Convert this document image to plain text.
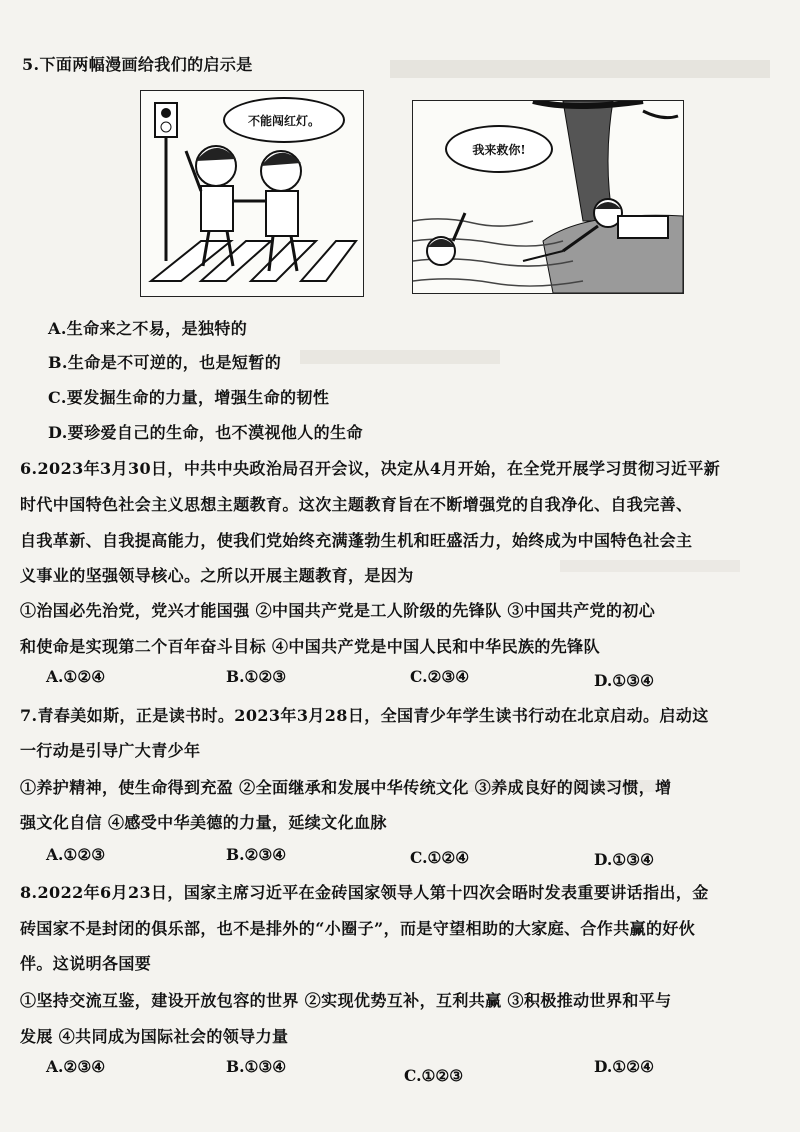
5.下面两幅漫画给我们的启示是
不能闯红灯。
我来救你!
A.生命来之不易，是独特的
B.生命是不可逆的，也是短暂的
C.要发掘生命的力量，增强生命的韧性
D.要珍爱自己的生命，也不漠视他人的生命
6.2023年3月30日，中共中央政治局召开会议，决定从4月开始，在全党开展学习贯彻习近平新
时代中国特色社会主义思想主题教育。这次主题教育旨在不断增强党的自我净化、自我完善、
自我革新、自我提高能力，使我们党始终充满蓬勃生机和旺盛活力，始终成为中国特色社会主
义事业的坚强领导核心。之所以开展主题教育，是因为
①治国必先治党，党兴才能国强 ②中国共产党是工人阶级的先锋队 ③中国共产党的初心
和使命是实现第二个百年奋斗目标 ④中国共产党是中国人民和中华民族的先锋队
A.①②④	B.①②③	C.②③④	D.①③④
7.青春美如斯，正是读书时。2023年3月28日，全国青少年学生读书行动在北京启动。启动这
一行动是引导广大青少年
①养护精神，使生命得到充盈 ②全面继承和发展中华传统文化 ③养成良好的阅读习惯，增
强文化自信 ④感受中华美德的力量，延续文化血脉
A.①②③	B.②③④	C.①②④	D.①③④
8.2022年6月23日，国家主席习近平在金砖国家领导人第十四次会晤时发表重要讲话指出，金
砖国家不是封闭的俱乐部，也不是排外的“小圈子”，而是守望相助的大家庭、合作共赢的好伙
伴。这说明各国要
①坚持交流互鉴，建设开放包容的世界 ②实现优势互补，互利共赢 ③积极推动世界和平与
发展 ④共同成为国际社会的领导力量
A.②③④	B.①③④	C.①②③	D.①②④
